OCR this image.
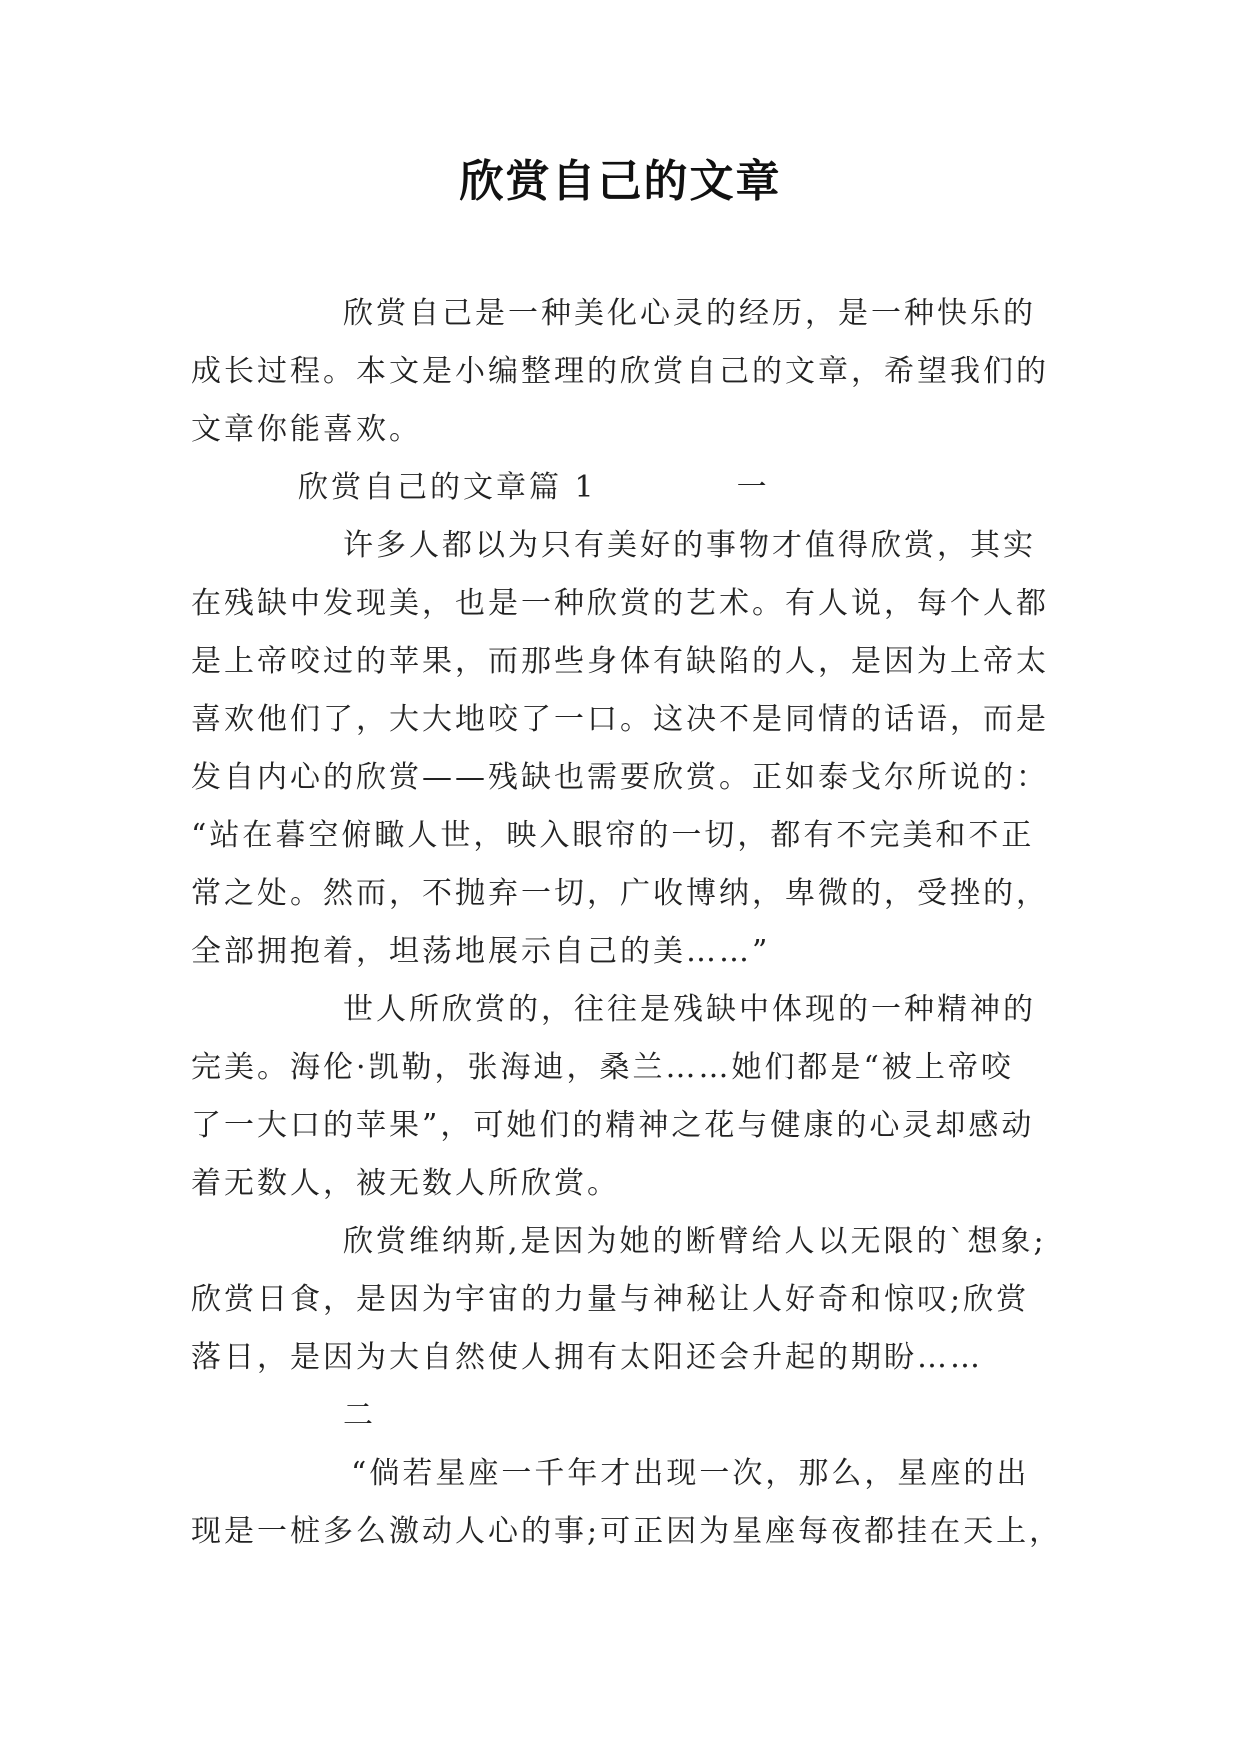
欣赏自己的文章
欣赏自己是一种美化心灵的经历，是一种快乐的
成长过程。本文是小编整理的欣赏自己的文章，希望我们的
文章你能喜欢。
欣赏自己的文章篇 1	一
许多人都以为只有美好的事物才值得欣赏，其实
在残缺中发现美，也是一种欣赏的艺术。有人说，每个人都
是上帝咬过的苹果，而那些身体有缺陷的人，是因为上帝太
喜欢他们了，大大地咬了一口。这决不是同情的话语，而是
发自内心的欣赏——残缺也需要欣赏。正如泰戈尔所说的：
“站在暮空俯瞰人世，映入眼帘的一切，都有不完美和不正
常之处。然而，不抛弃一切，广收博纳，卑微的，受挫的，
全部拥抱着，坦荡地展示自己的美……”
世人所欣赏的，往往是残缺中体现的一种精神的
完美。海伦·凯勒，张海迪，桑兰……她们都是“被上帝咬
了一大口的苹果”，可她们的精神之花与健康的心灵却感动
着无数人，被无数人所欣赏。
欣赏维纳斯,是因为她的断臂给人以无限的`想象;
欣赏日食，是因为宇宙的力量与神秘让人好奇和惊叹;欣赏
落日，是因为大自然使人拥有太阳还会升起的期盼……
二
“倘若星座一千年才出现一次，那么，星座的出
现是一桩多么激动人心的事;可正因为星座每夜都挂在天上，
